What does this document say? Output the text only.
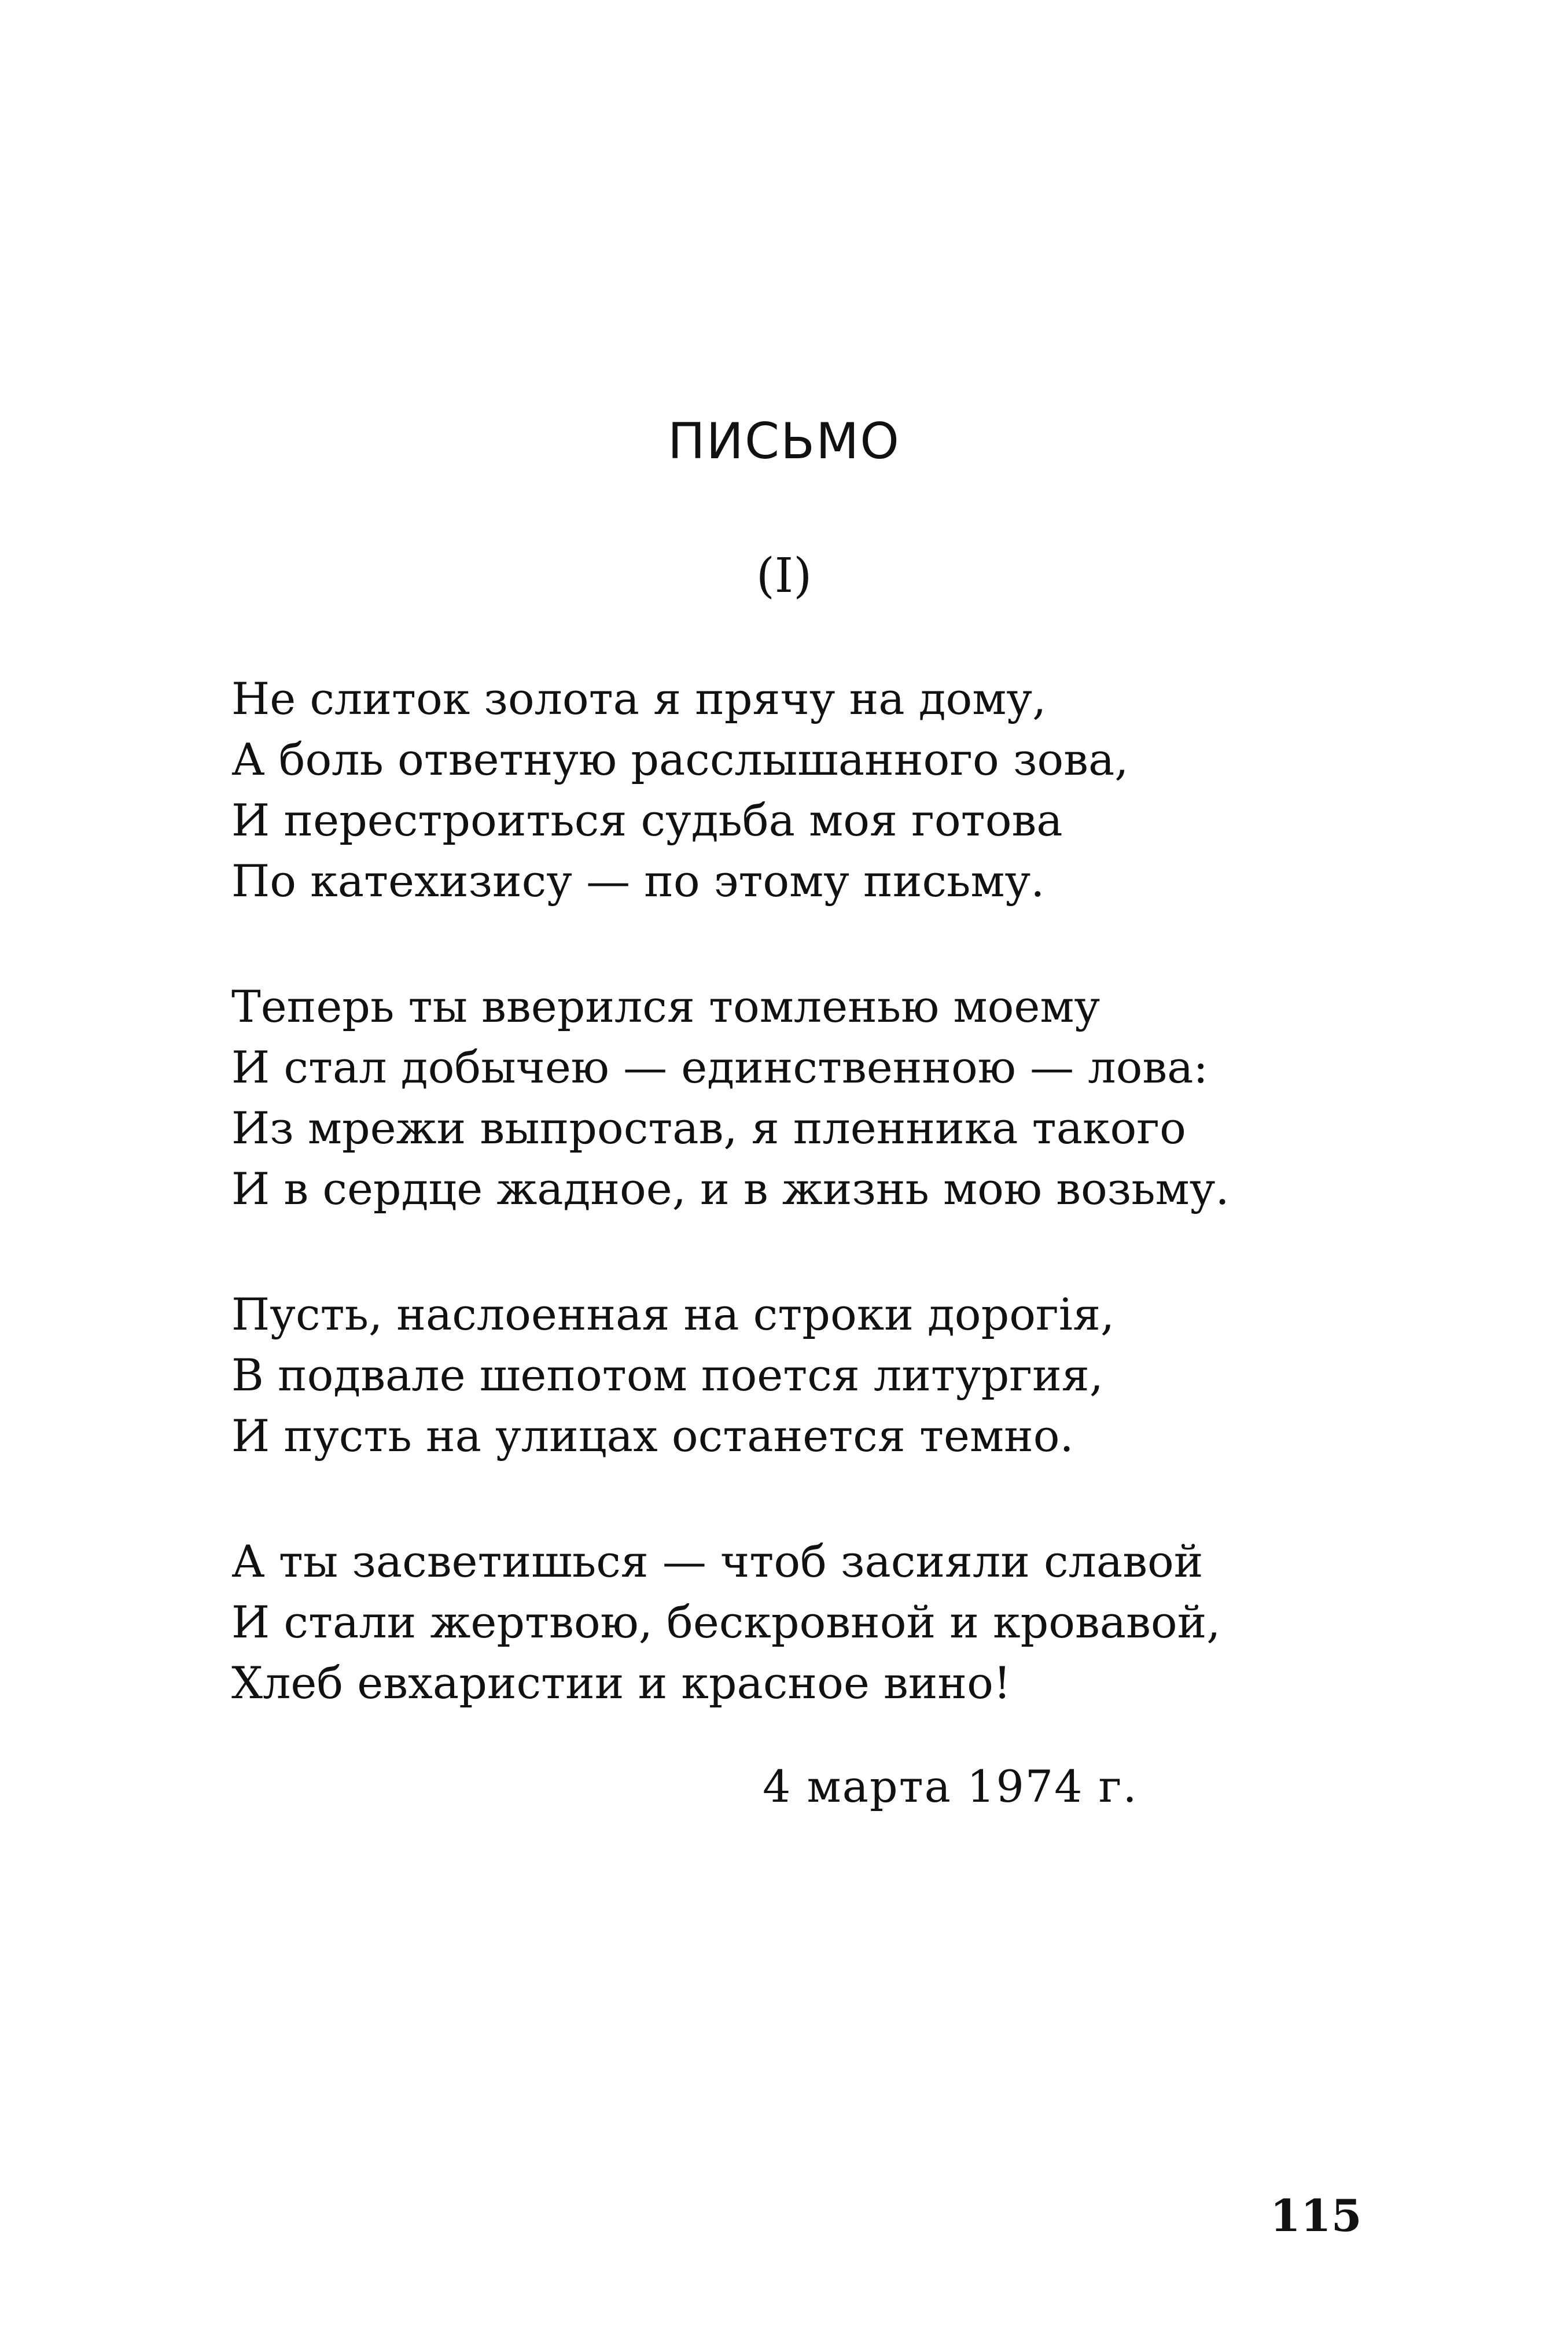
ПИСЬМО
(I)
Не слиток золота я прячу на дому,
А боль ответную расслышанного зова,
И перестроиться судьба моя готова
По катехизису — по этому письму.
Теперь ты вверился томленью моему
И стал добычею — единственною — лова:
Из мрежи выпростав, я пленника такого
И в сердце жадное, и в жизнь мою возьму.
Пусть, наслоенная на строки дорогія,
В подвале шепотом поется литургия,
И пусть на улицах останется темно.
А ты засветишься — чтоб засияли славой
И стали жертвою, бескровной и кровавой,
Хлеб евхаристии и красное вино!
4 марта 1974 г.
115
